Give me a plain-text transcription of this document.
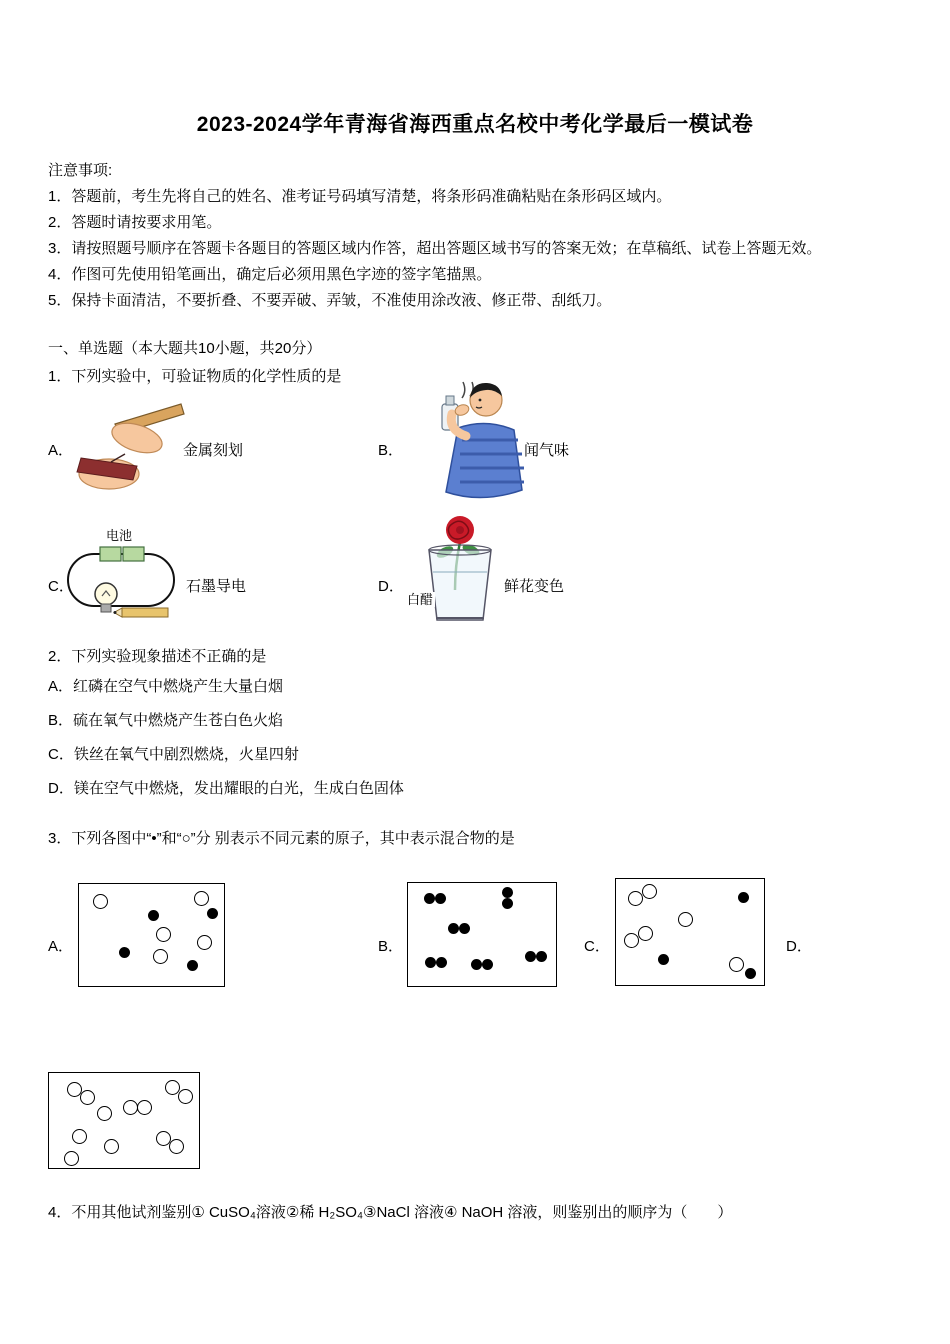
2023-2024学年青海省海西重点名校中考化学最后一模试卷
注意事项:
1．答题前，考生先将自己的姓名、准考证号码填写清楚，将条形码准确粘贴在条形码区域内。
2．答题时请按要求用笔。
3．请按照题号顺序在答题卡各题目的答题区域内作答，超出答题区域书写的答案无效；在草稿纸、试卷上答题无效。
4．作图可先使用铅笔画出，确定后必须用黑色字迹的签字笔描黑。
5．保持卡面清洁，不要折叠、不要弄破、弄皱，不准使用涂改液、修正带、刮纸刀。
一、单选题（本大题共10小题，共20分）
1．下列实验中，可验证物质的化学性质的是
A．	金属刻划	B．	闻气味
C．
电池
石墨导电	D．
白醋
鲜花变色
2．下列实验现象描述不正确的是
A．红磷在空气中燃烧产生大量白烟
B．硫在氧气中燃烧产生苍白色火焰
C．铁丝在氧气中剧烈燃烧，火星四射
D．镁在空气中燃烧，发出耀眼的白光，生成白色固体
3．下列各图中“•”和“○”分 别表示不同元素的原子，其中表示混合物的是
A．	B．	C．	D．
4．不用其他试剂鉴别① CuSO₄溶液②稀 H₂SO₄③NaCl 溶液④ NaOH 溶液，则鉴别出的顺序为（　　）
